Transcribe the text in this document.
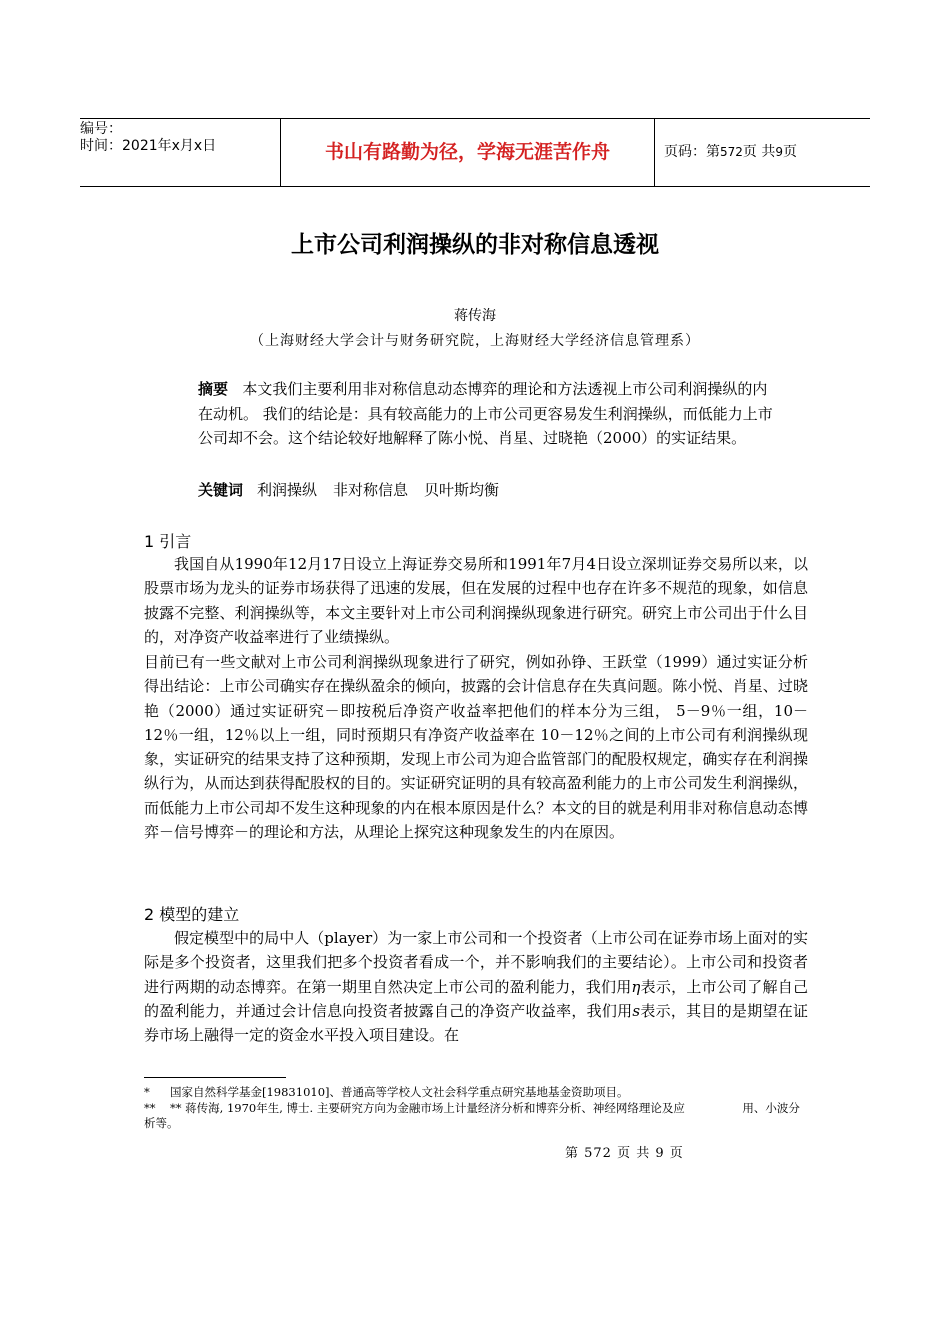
编号：
时间：2021年x月x日	书山有路勤为径，学海无涯苦作舟	页码：第572页 共9页
上市公司利润操纵的非对称信息透视
蒋传海
（上海财经大学会计与财务研究院，上海财经大学经济信息管理系）
摘要 本文我们主要利用非对称信息动态博弈的理论和方法透视上市公司利润操纵的内在动机。 我们的结论是：具有较高能力的上市公司更容易发生利润操纵，而低能力上市公司却不会。这个结论较好地解释了陈小悦、肖星、过晓艳（2000）的实证结果。
关键词 利润操纵 非对称信息 贝叶斯均衡
1 引言
我国自从1990年12月17日设立上海证券交易所和1991年7月4日设立深圳证券交易所以来，以股票市场为龙头的证券市场获得了迅速的发展，但在发展的过程中也存在许多不规范的现象，如信息披露不完整、利润操纵等，本文主要针对上市公司利润操纵现象进行研究。研究上市公司出于什么目的，对净资产收益率进行了业绩操纵。
目前已有一些文献对上市公司利润操纵现象进行了研究，例如孙铮、王跃堂（1999）通过实证分析得出结论：上市公司确实存在操纵盈余的倾向，披露的会计信息存在失真问题。陈小悦、肖星、过晓艳（2000）通过实证研究－即按税后净资产收益率把他们的样本分为三组， 5－9％一组，10－12％一组，12％以上一组，同时预期只有净资产收益率在 10－12％之间的上市公司有利润操纵现象，实证研究的结果支持了这种预期，发现上市公司为迎合监管部门的配股权规定，确实存在利润操纵行为，从而达到获得配股权的目的。实证研究证明的具有较高盈利能力的上市公司发生利润操纵，而低能力上市公司却不发生这种现象的内在根本原因是什么？本文的目的就是利用非对称信息动态博弈－信号博弈－的理论和方法，从理论上探究这种现象发生的内在原因。
2 模型的建立
假定模型中的局中人（player）为一家上市公司和一个投资者（上市公司在证券市场上面对的实际是多个投资者，这里我们把多个投资者看成一个，并不影响我们的主要结论）。上市公司和投资者进行两期的动态博弈。在第一期里自然决定上市公司的盈利能力，我们用η表示，上市公司了解自己的盈利能力，并通过会计信息向投资者披露自己的净资产收益率，我们用s表示，其目的是期望在证券市场上融得一定的资金水平投入项目建设。在
* 国家自然科学基金[19831010]、普通高等学校人文社会科学重点研究基地基金资助项目。
** ** 蒋传海, 1970年生, 博士. 主要研究方向为金融市场上计量经济分析和博弈分析、神经网络理论及应　　　　　用、小波分析等。
第 572 页 共 9 页
